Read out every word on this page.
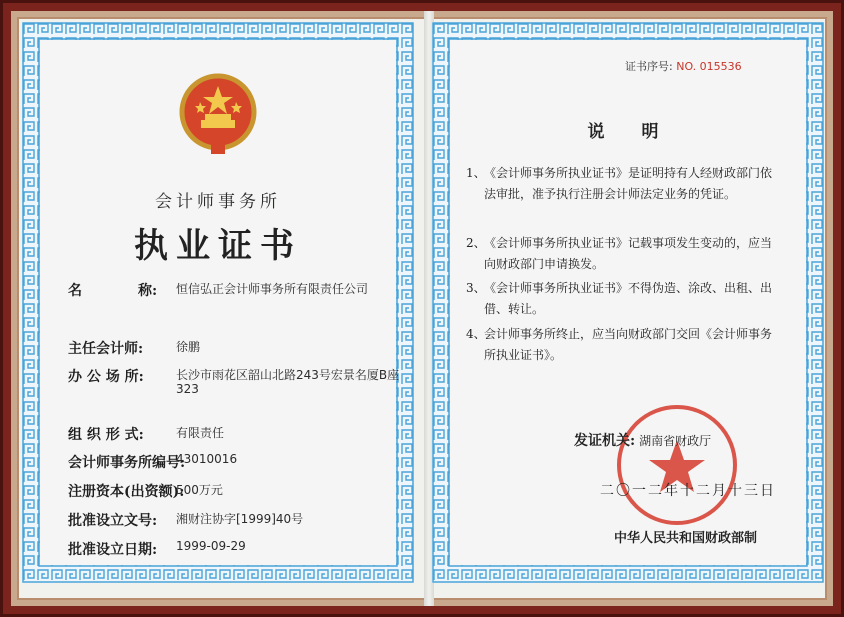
会计师事务所
执业证书
名　　　　称: 恒信弘正会计师事务所有限责任公司
主任会计师:	徐鹏
办 公 场 所:	长沙市雨花区韶山北路243号宏景名厦B座
323
组 织 形 式:	有限责任
会计师事务所编号:
43010016
注册资本(出资额):
500万元
批准设立文号: 湘财注协字[1999]40号
批准设立日期: 1999-09-29
证书序号: NO. 015536
说　明
1、
《会计师事务所执业证书》是证明持有人经财政部门依法审批，准予执行注册会计师法定业务的凭证。
2、
《会计师事务所执业证书》记载事项发生变动的，应当向财政部门申请换发。
3、
《会计师事务所执业证书》不得伪造、涂改、出租、出借、转让。
4、
会计师事务所终止，应当向财政部门交回《会计师事务所执业证书》。
发证机关: 湖南省财政厅
二〇一二年十二月十三日
中华人民共和国财政部制
